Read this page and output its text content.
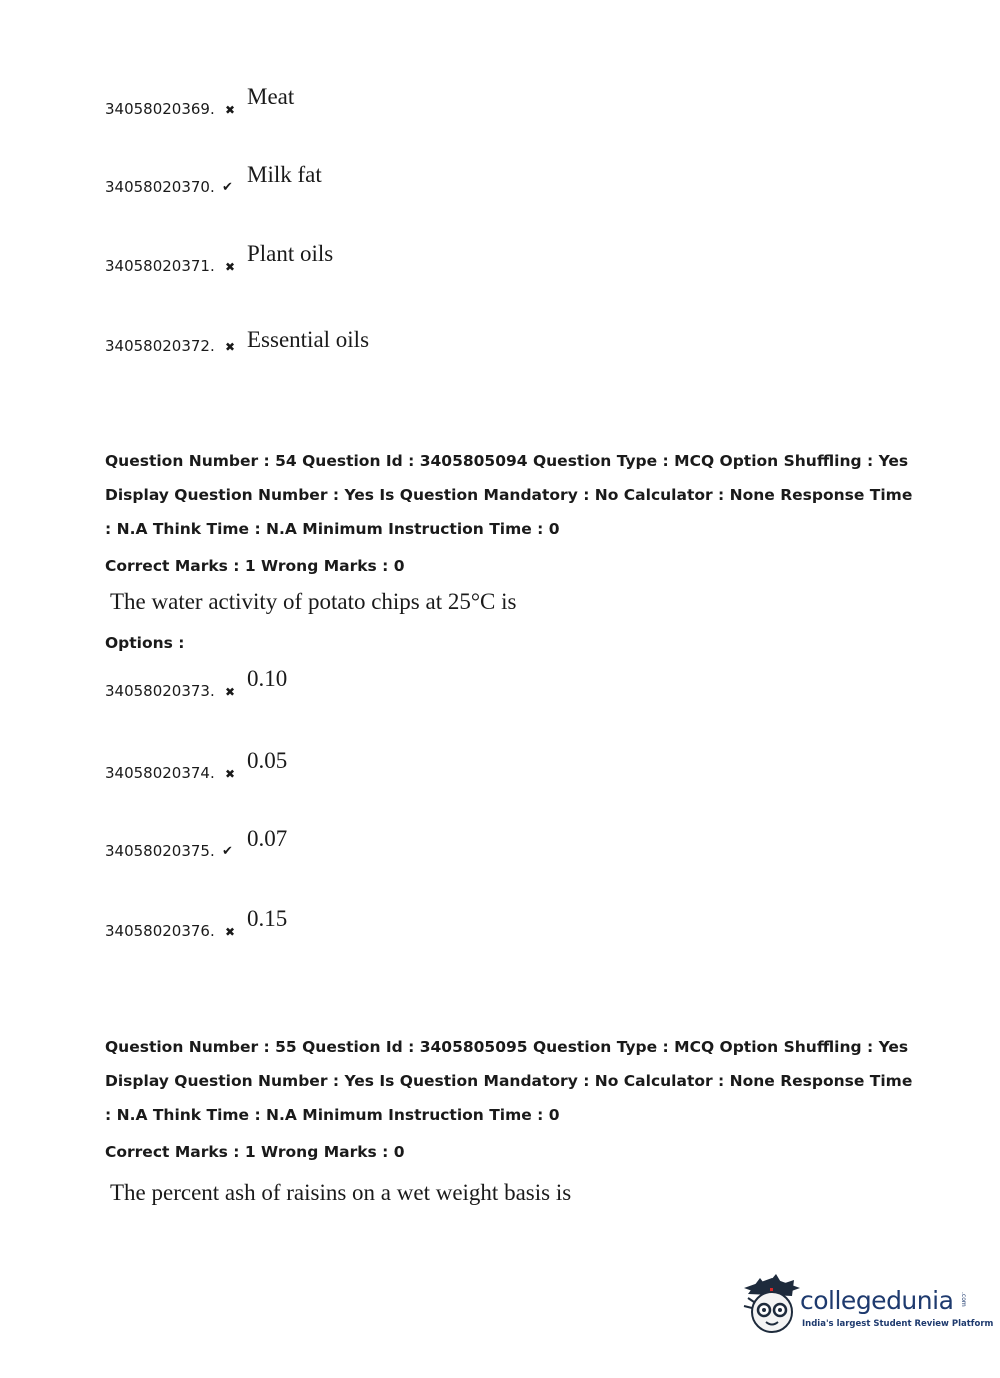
34058020369. ✖
Meat
34058020370. ✔
Milk fat
34058020371. ✖
Plant oils
34058020372. ✖ Essential oils
Question Number : 54 Question Id : 3405805094 Question Type : MCQ Option Shuffling : Yes
Display Question Number : Yes Is Question Mandatory : No Calculator : None Response Time
: N.A Think Time : N.A Minimum Instruction Time : 0
Correct Marks : 1 Wrong Marks : 0
The water activity of potato chips at 25°C is
Options :
34058020373. ✖
0.10
34058020374. ✖
0.05
34058020375. ✔
0.07
34058020376. ✖
0.15
Question Number : 55 Question Id : 3405805095 Question Type : MCQ Option Shuffling : Yes
Display Question Number : Yes Is Question Mandatory : No Calculator : None Response Time
: N.A Think Time : N.A Minimum Instruction Time : 0
Correct Marks : 1 Wrong Marks : 0
The percent ash of raisins on a wet weight basis is
collegedunia .com
India's largest Student Review Platform
